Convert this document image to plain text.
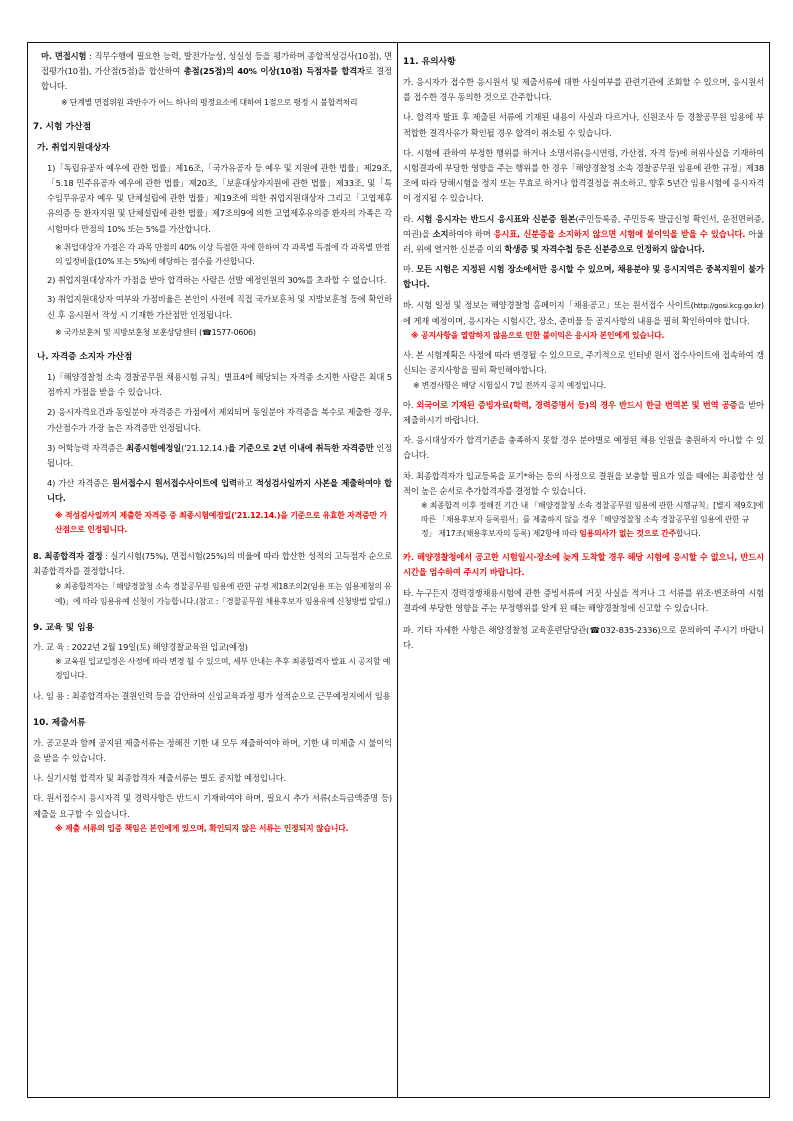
마. 면접시험 : 직무수행에 필요한 능력, 발전가능성, 성실성 등을 평가하며 종합적성검사(10점), 면접평가(10점), 가산점(5점)을 합산하여 총점(25점)의 40% 이상(10점) 득점자를 합격자로 결정합니다.

※ 단계별 면접위원 과반수가 어느 하나의 평정요소에 대하여 1점으로 평정 시 불합격처리

7. 시험 가산점

가. 취업지원대상자

1)「독립유공자 예우에 관한 법률」제16조,「국가유공자 등 예우 및 지원에 관한 법률」제29조,「5.18 민주유공자 예우에 관한 법률」제20조,「보훈대상자지원에 관한 법률」제33조, 및「특수임무유공자 예우 및 단체설립에 관한 법률」제19조에 의한 취업지원대상자 그리고「고엽제후유의증 등 환자지원 및 단체설립에 관한 법률」제7조의9에 의한 고엽제후유의증 환자의 가족은 각 시험마다 만점의 10% 또는 5%를 가산합니다.

※ 취업대상자 가점은 각 과목 만점의 40% 이상 득점한 자에 한하여 각 과목별 득점에 각 과목별 만점의 일정비율(10% 또는 5%)에 해당하는 점수를 가산합니다.

2) 취업지원대상자가 가점을 받아 합격하는 사람은 선발 예정인원의 30%를 초과할 수 없습니다.

3) 취업지원대상자 여부와 가점비율은 본인이 사전에 직접 국가보훈처 및 지방보훈청 등에 확인하신 후 응시원서 작성 시 기재한 가산점만 인정됩니다.

※ 국가보훈처 및 지방보훈청 보훈상담센터 (☎1577-0606)

나. 자격증 소지자 가산점

1)「해양경찰청 소속 경찰공무원 채용시험 규칙」별표4에 해당되는 자격증 소지한 사람은 최대 5점까지 가점을 받을 수 있습니다.

2) 응시자격요건과 동일분야 자격증은 가점에서 제외되며 동일분야 자격증을 복수로 제출한 경우, 가산점수가 가장 높은 자격증만 인정됩니다.

3) 어학능력 자격증은 최종시험예정일('21.12.14.)을 기준으로 2년 이내에 취득한 자격증만 인정됩니다.

4) 가산 자격증은 원서접수시 원서접수사이트에 입력하고 적성검사일까지 사본을 제출하여야 합니다.

※ 적성검사일까지 제출한 자격증 중 최종시험예정일('21.12.14.)을 기준으로 유효한 자격증만 가산점으로 인정됩니다.

8. 최종합격자 결정 : 실기시험(75%), 면접시험(25%)의 비율에 따라 합산한 성적의 고득점자 순으로 최종합격자를 결정합니다.

※ 최종합격자는「해양경찰청 소속 경찰공무원 임용에 관한 규정 제18조의2(임용 또는 임용제청의 유예)」에 따라 임용유예 신청이 가능합니다.(참고 :「경찰공무원 채용후보자 임용유예 신청방법 알림」)

9. 교육 및 임용

가. 교 육 : 2022년 2월 19일(토) 해양경찰교육원 입교(예정)

※ 교육원 입교일정은 사정에 따라 변경 될 수 있으며, 세부 안내는 추후 최종합격자 발표 시 공지할 예정입니다.

나. 임 용 : 최종합격자는 결원인력 등을 감안하여 신임교육과정 평가 성적순으로 근무예정지에서 임용

10. 제출서류

가. 공고문과 함께 공지된 제출서류는 정해진 기한 내 모두 제출하여야 하며, 기한 내 미제출 시 불이익을 받을 수 있습니다.

나. 실기시험 합격자 및 최종합격자 제출서류는 별도 공지할 예정입니다.

다. 원서접수시 응시자격 및 경력사항은 반드시 기재하여야 하며, 필요시 추가 서류(소득금액증명 등) 제출을 요구할 수 있습니다.

※ 제출 서류의 입증 책임은 본인에게 있으며, 확인되지 않은 서류는 인정되지 않습니다.

11. 유의사항

가. 응시자가 접수한 응시원서 및 제출서류에 대한 사실여부를 관련기관에 조회할 수 있으며, 응시원서를 접수한 경우 동의한 것으로 간주합니다.

나. 합격자 발표 후 제출된 서류에 기재된 내용이 사실과 다르거나, 신원조사 등 경찰공무원 임용에 부적합한 결격사유가 확인될 경우 합격이 취소될 수 있습니다.

다. 시험에 관하여 부정한 행위를 하거나 소명서류(응시연령, 가산점, 자격 등)에 허위사실을 기재하여 시험결과에 부당한 영향을 주는 행위를 한 경우「해양경찰청 소속 경찰공무원 임용에 관한 규정」제38조에 따라 당해시험을 정지 또는 무효로 하거나 합격결정을 취소하고, 향후 5년간 임용시험에 응시자격이 정지될 수 있습니다.

라. 시험 응시자는 반드시 응시표와 신분증 원본(주민등록증, 주민등록 발급신청 확인서, 운전면허증, 여권)을 소지하여야 하며 응시표, 신분증을 소지하지 않으면 시험에 불이익을 받을 수 있습니다. 아울러, 위에 열거한 신분증 이외 학생증 및 자격수첩 등은 신분증으로 인정하지 않습니다.

마. 모든 시험은 지정된 시험 장소에서만 응시할 수 있으며, 채용분야 및 응시지역은 중복지원이 불가합니다.

바. 시험 일정 및 정보는 해양경찰청 홈페이지「채용공고」또는 원서접수 사이트(http://gosi.kcg.go.kr)에 게재 예정이며, 응시자는 시험시간, 장소, 준비물 등 공지사항의 내용을 필히 확인하여야 합니다.

※ 공지사항을 열람하지 않음으로 인한 불이익은 응시자 본인에게 있습니다.

사. 본 시험계획은 사정에 따라 변경될 수 있으므로, 주기적으로 인터넷 원서 접수사이트에 접속하여 갱신되는 공지사항을 필히 확인해야합니다.

※ 변경사항은 해당 시험실시 7일 전까지 공지 예정입니다.

아. 외국어로 기재된 증빙자료(학력, 경력증명서 등)의 경우 반드시 한글 번역본 및 번역 공증을 받아 제출하시기 바랍니다.

자. 응시대상자가 합격기준을 충족하지 못할 경우 분야별로 예정된 채용 인원을 충원하지 아니할 수 있습니다.

차. 최종합격자가 입교등록을 포기*하는 등의 사정으로 결원을 보충할 필요가 있을 때에는 최종합산 성적이 높은 순서로 추가합격자를 결정할 수 있습니다.

※ 최종합격 이후 정해진 기간 내 「해양경찰청 소속 경찰공무원 임용에 관한 시행규칙」[별지 제9호]에 따른 「채용후보자 등록원서」를 제출하지 않을 경우「해양경찰청 소속 경찰공무원 임용에 관한 규정」 제17조(채용후보자의 등록) 제2항에 따라 임용의사가 없는 것으로 간주합니다.

카. 해양경찰청에서 공고한 시험일시·장소에 늦게 도착할 경우 해당 시험에 응시할 수 없으니, 반드시 시간을 엄수하여 주시기 바랍니다.

타. 누구든지 경력경쟁채용시험에 관한 증빙서류에 거짓 사실을 적거나 그 서류를 위조·변조하여 시험결과에 부당한 영향을 주는 부정행위를 알게 된 때는 해양경찰청에 신고할 수 있습니다.

파. 기타 자세한 사항은 해양경찰청 교육훈련담당관(☎032-835-2336)으로 문의하여 주시기 바랍니다.
